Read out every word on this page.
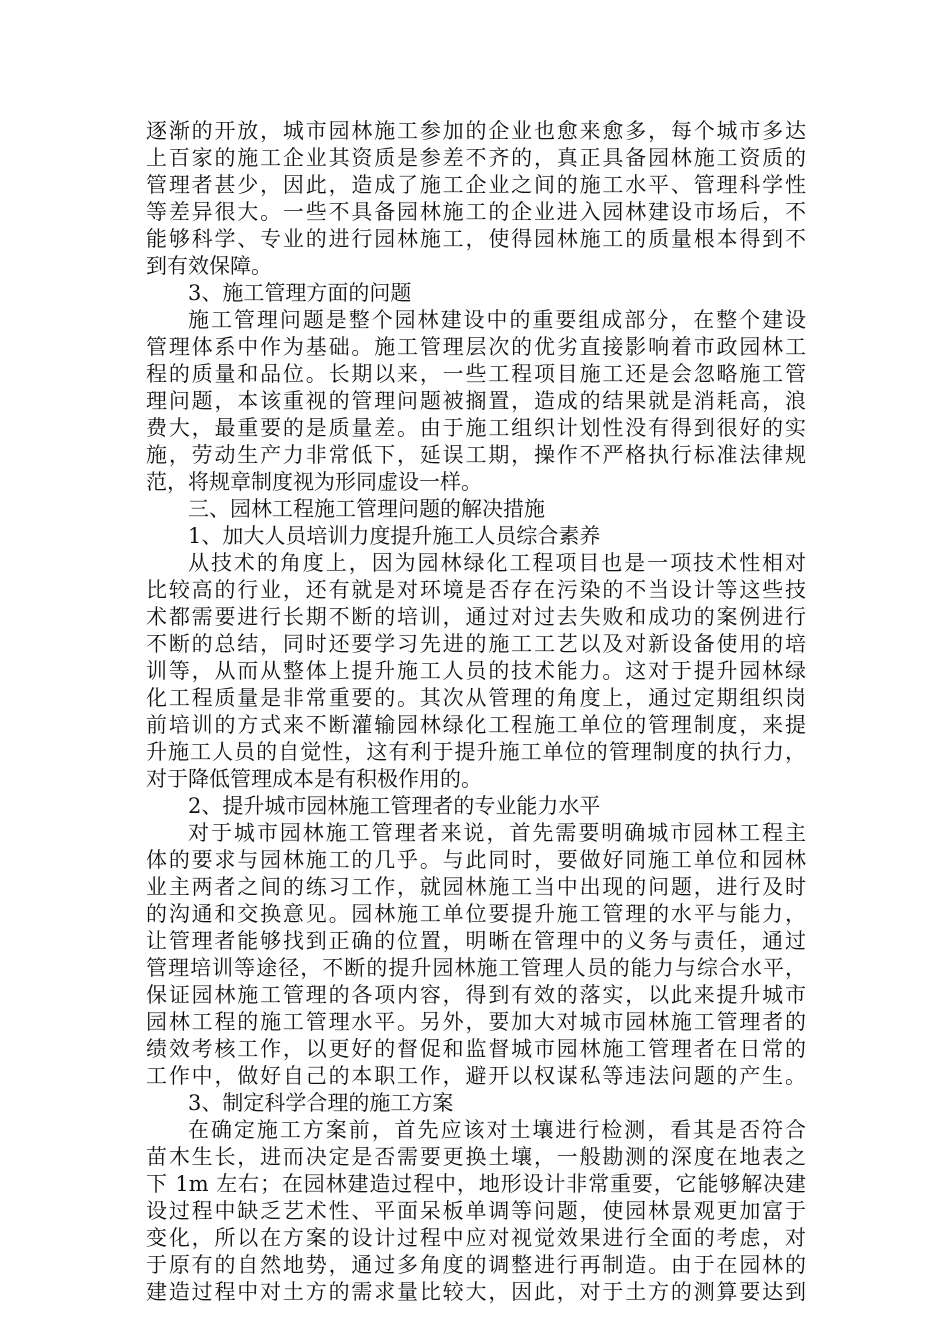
逐渐的开放，城市园林施工参加的企业也愈来愈多，每个城市多达
上百家的施工企业其资质是参差不齐的，真正具备园林施工资质的
管理者甚少，因此，造成了施工企业之间的施工水平、管理科学性
等差异很大。一些不具备园林施工的企业进入园林建设市场后，不
能够科学、专业的进行园林施工，使得园林施工的质量根本得到不
到有效保障。
3、施工管理方面的问题
施工管理问题是整个园林建设中的重要组成部分，在整个建设
管理体系中作为基础。施工管理层次的优劣直接影响着市政园林工
程的质量和品位。长期以来，一些工程项目施工还是会忽略施工管
理问题，本该重视的管理问题被搁置，造成的结果就是消耗高，浪
费大，最重要的是质量差。由于施工组织计划性没有得到很好的实
施，劳动生产力非常低下，延误工期，操作不严格执行标准法律规
范，将规章制度视为形同虚设一样。
三、园林工程施工管理问题的解决措施
1、加大人员培训力度提升施工人员综合素养
从技术的角度上，因为园林绿化工程项目也是一项技术性相对
比较高的行业，还有就是对环境是否存在污染的不当设计等这些技
术都需要进行长期不断的培训，通过对过去失败和成功的案例进行
不断的总结，同时还要学习先进的施工工艺以及对新设备使用的培
训等，从而从整体上提升施工人员的技术能力。这对于提升园林绿
化工程质量是非常重要的。其次从管理的角度上，通过定期组织岗
前培训的方式来不断灌输园林绿化工程施工单位的管理制度，来提
升施工人员的自觉性，这有利于提升施工单位的管理制度的执行力，
对于降低管理成本是有积极作用的。
2、提升城市园林施工管理者的专业能力水平
对于城市园林施工管理者来说，首先需要明确城市园林工程主
体的要求与园林施工的几乎。与此同时，要做好同施工单位和园林
业主两者之间的练习工作，就园林施工当中出现的问题，进行及时
的沟通和交换意见。园林施工单位要提升施工管理的水平与能力，
让管理者能够找到正确的位置，明晰在管理中的义务与责任，通过
管理培训等途径，不断的提升园林施工管理人员的能力与综合水平，
保证园林施工管理的各项内容，得到有效的落实，以此来提升城市
园林工程的施工管理水平。另外，要加大对城市园林施工管理者的
绩效考核工作，以更好的督促和监督城市园林施工管理者在日常的
工作中，做好自己的本职工作，避开以权谋私等违法问题的产生。
3、制定科学合理的施工方案
在确定施工方案前，首先应该对土壤进行检测，看其是否符合
苗木生长，进而决定是否需要更换土壤，一般勘测的深度在地表之
下 1m 左右；在园林建造过程中，地形设计非常重要，它能够解决建
设过程中缺乏艺术性、平面呆板单调等问题，使园林景观更加富于
变化，所以在方案的设计过程中应对视觉效果进行全面的考虑，对
于原有的自然地势，通过多角度的调整进行再制造。由于在园林的
建造过程中对土方的需求量比较大，因此，对于土方的测算要达到
